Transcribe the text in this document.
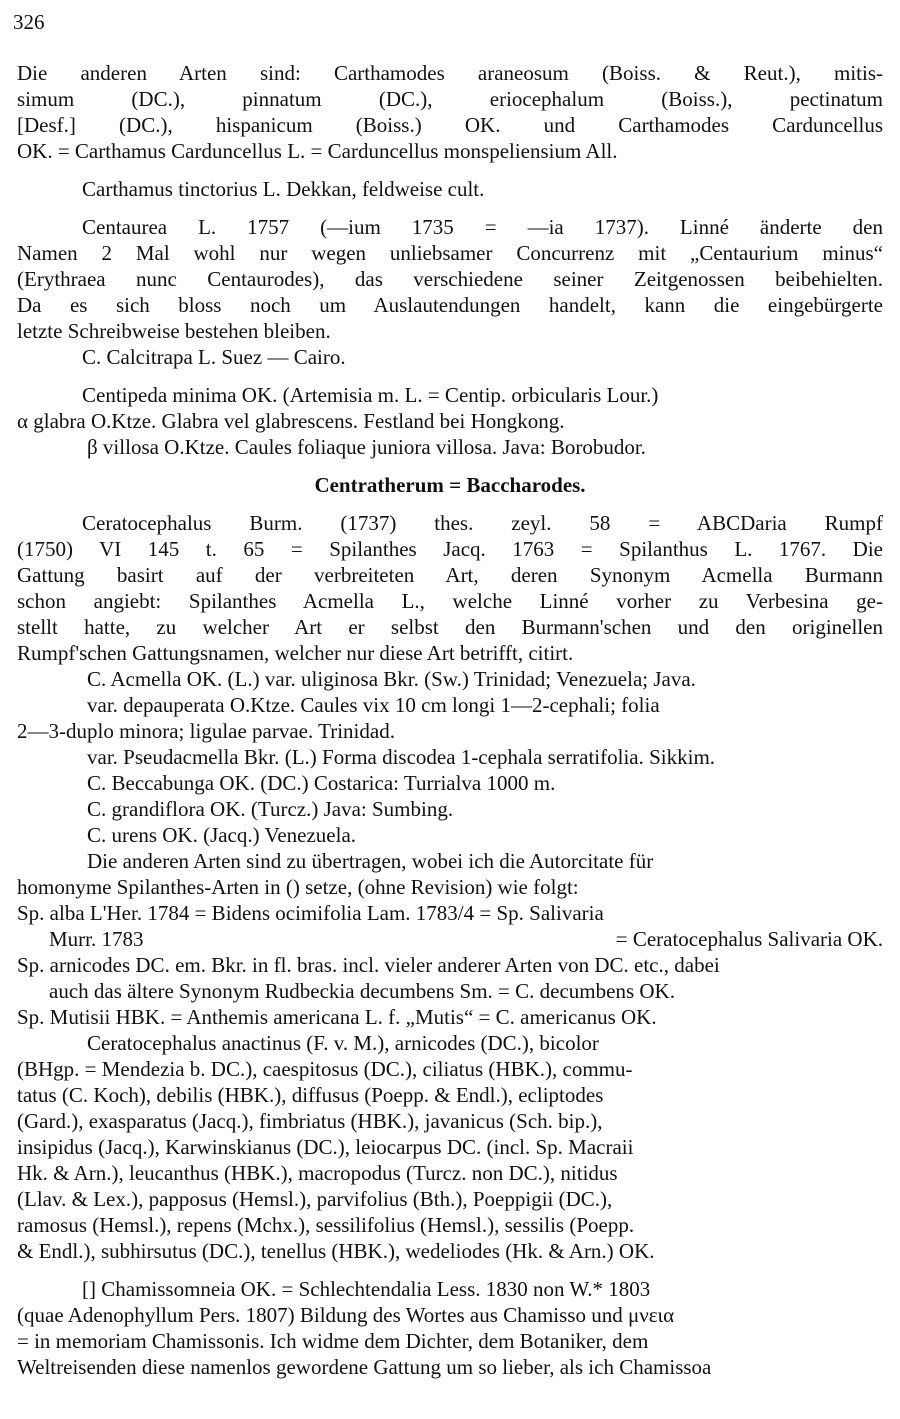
326
Die anderen Arten sind: Carthamodes araneosum (Boiss. & Reut.), mitis-
simum (DC.), pinnatum (DC.), eriocephalum (Boiss.), pectinatum
[Desf.] (DC.), hispanicum (Boiss.) OK. und Carthamodes Carduncellus
OK. = Carthamus Carduncellus L. = Carduncellus monspeliensium All.
Carthamus tinctorius L. Dekkan, feldweise cult.
Centaurea L. 1757 (—ium 1735 = —ia 1737). Linné änderte den
Namen 2 Mal wohl nur wegen unliebsamer Concurrenz mit „Centaurium minus“
(Erythraea nunc Centaurodes), das verschiedene seiner Zeitgenossen beibehielten.
Da es sich bloss noch um Auslautendungen handelt, kann die eingebürgerte
letzte Schreibweise bestehen bleiben.
C. Calcitrapa L. Suez — Cairo.
Centipeda minima OK. (Artemisia m. L. = Centip. orbicularis Lour.)
α glabra O.Ktze. Glabra vel glabrescens. Festland bei Hongkong.
β villosa O.Ktze. Caules foliaque juniora villosa. Java: Borobudor.
Centratherum = Baccharodes.
Ceratocephalus Burm. (1737) thes. zeyl. 58 = ABCDaria Rumpf
(1750) VI 145 t. 65 = Spilanthes Jacq. 1763 = Spilanthus L. 1767. Die
Gattung basirt auf der verbreiteten Art, deren Synonym Acmella Burmann
schon angiebt: Spilanthes Acmella L., welche Linné vorher zu Verbesina ge-
stellt hatte, zu welcher Art er selbst den Burmann'schen und den originellen
Rumpf'schen Gattungsnamen, welcher nur diese Art betrifft, citirt.
C. Acmella OK. (L.) var. uliginosa Bkr. (Sw.) Trinidad; Venezuela; Java.
var. depauperata O.Ktze. Caules vix 10 cm longi 1—2-cephali; folia
2—3-duplo minora; ligulae parvae. Trinidad.
var. Pseudacmella Bkr. (L.) Forma discodea 1-cephala serratifolia. Sikkim.
C. Beccabunga OK. (DC.) Costarica: Turrialva 1000 m.
C. grandiflora OK. (Turcz.) Java: Sumbing.
C. urens OK. (Jacq.) Venezuela.
Die anderen Arten sind zu übertragen, wobei ich die Autorcitate für
homonyme Spilanthes-Arten in () setze, (ohne Revision) wie folgt:
Sp. alba L'Her. 1784 = Bidens ocimifolia Lam. 1783/4 = Sp. Salivaria
Murr. 1783	= Ceratocephalus Salivaria OK.
Sp. arnicodes DC. em. Bkr. in fl. bras. incl. vieler anderer Arten von DC. etc., dabei
auch das ältere Synonym Rudbeckia decumbens Sm. = C. decumbens OK.
Sp. Mutisii HBK. = Anthemis americana L. f. „Mutis“ = C. americanus OK.
Ceratocephalus anactinus (F. v. M.), arnicodes (DC.), bicolor
(BHgp. = Mendezia b. DC.), caespitosus (DC.), ciliatus (HBK.), commu-
tatus (C. Koch), debilis (HBK.), diffusus (Poepp. & Endl.), ecliptodes
(Gard.), exasparatus (Jacq.), fimbriatus (HBK.), javanicus (Sch. bip.),
insipidus (Jacq.), Karwinskianus (DC.), leiocarpus DC. (incl. Sp. Macraii
Hk. & Arn.), leucanthus (HBK.), macropodus (Turcz. non DC.), nitidus
(Llav. & Lex.), papposus (Hemsl.), parvifolius (Bth.), Poeppigii (DC.),
ramosus (Hemsl.), repens (Mchx.), sessilifolius (Hemsl.), sessilis (Poepp.
& Endl.), subhirsutus (DC.), tenellus (HBK.), wedeliodes (Hk. & Arn.) OK.
[] Chamissomneia OK. = Schlechtendalia Less. 1830 non W.* 1803
(quae Adenophyllum Pers. 1807) Bildung des Wortes aus Chamisso und μνεια
= in memoriam Chamissonis. Ich widme dem Dichter, dem Botaniker, dem
Weltreisenden diese namenlos gewordene Gattung um so lieber, als ich Chamissoa
